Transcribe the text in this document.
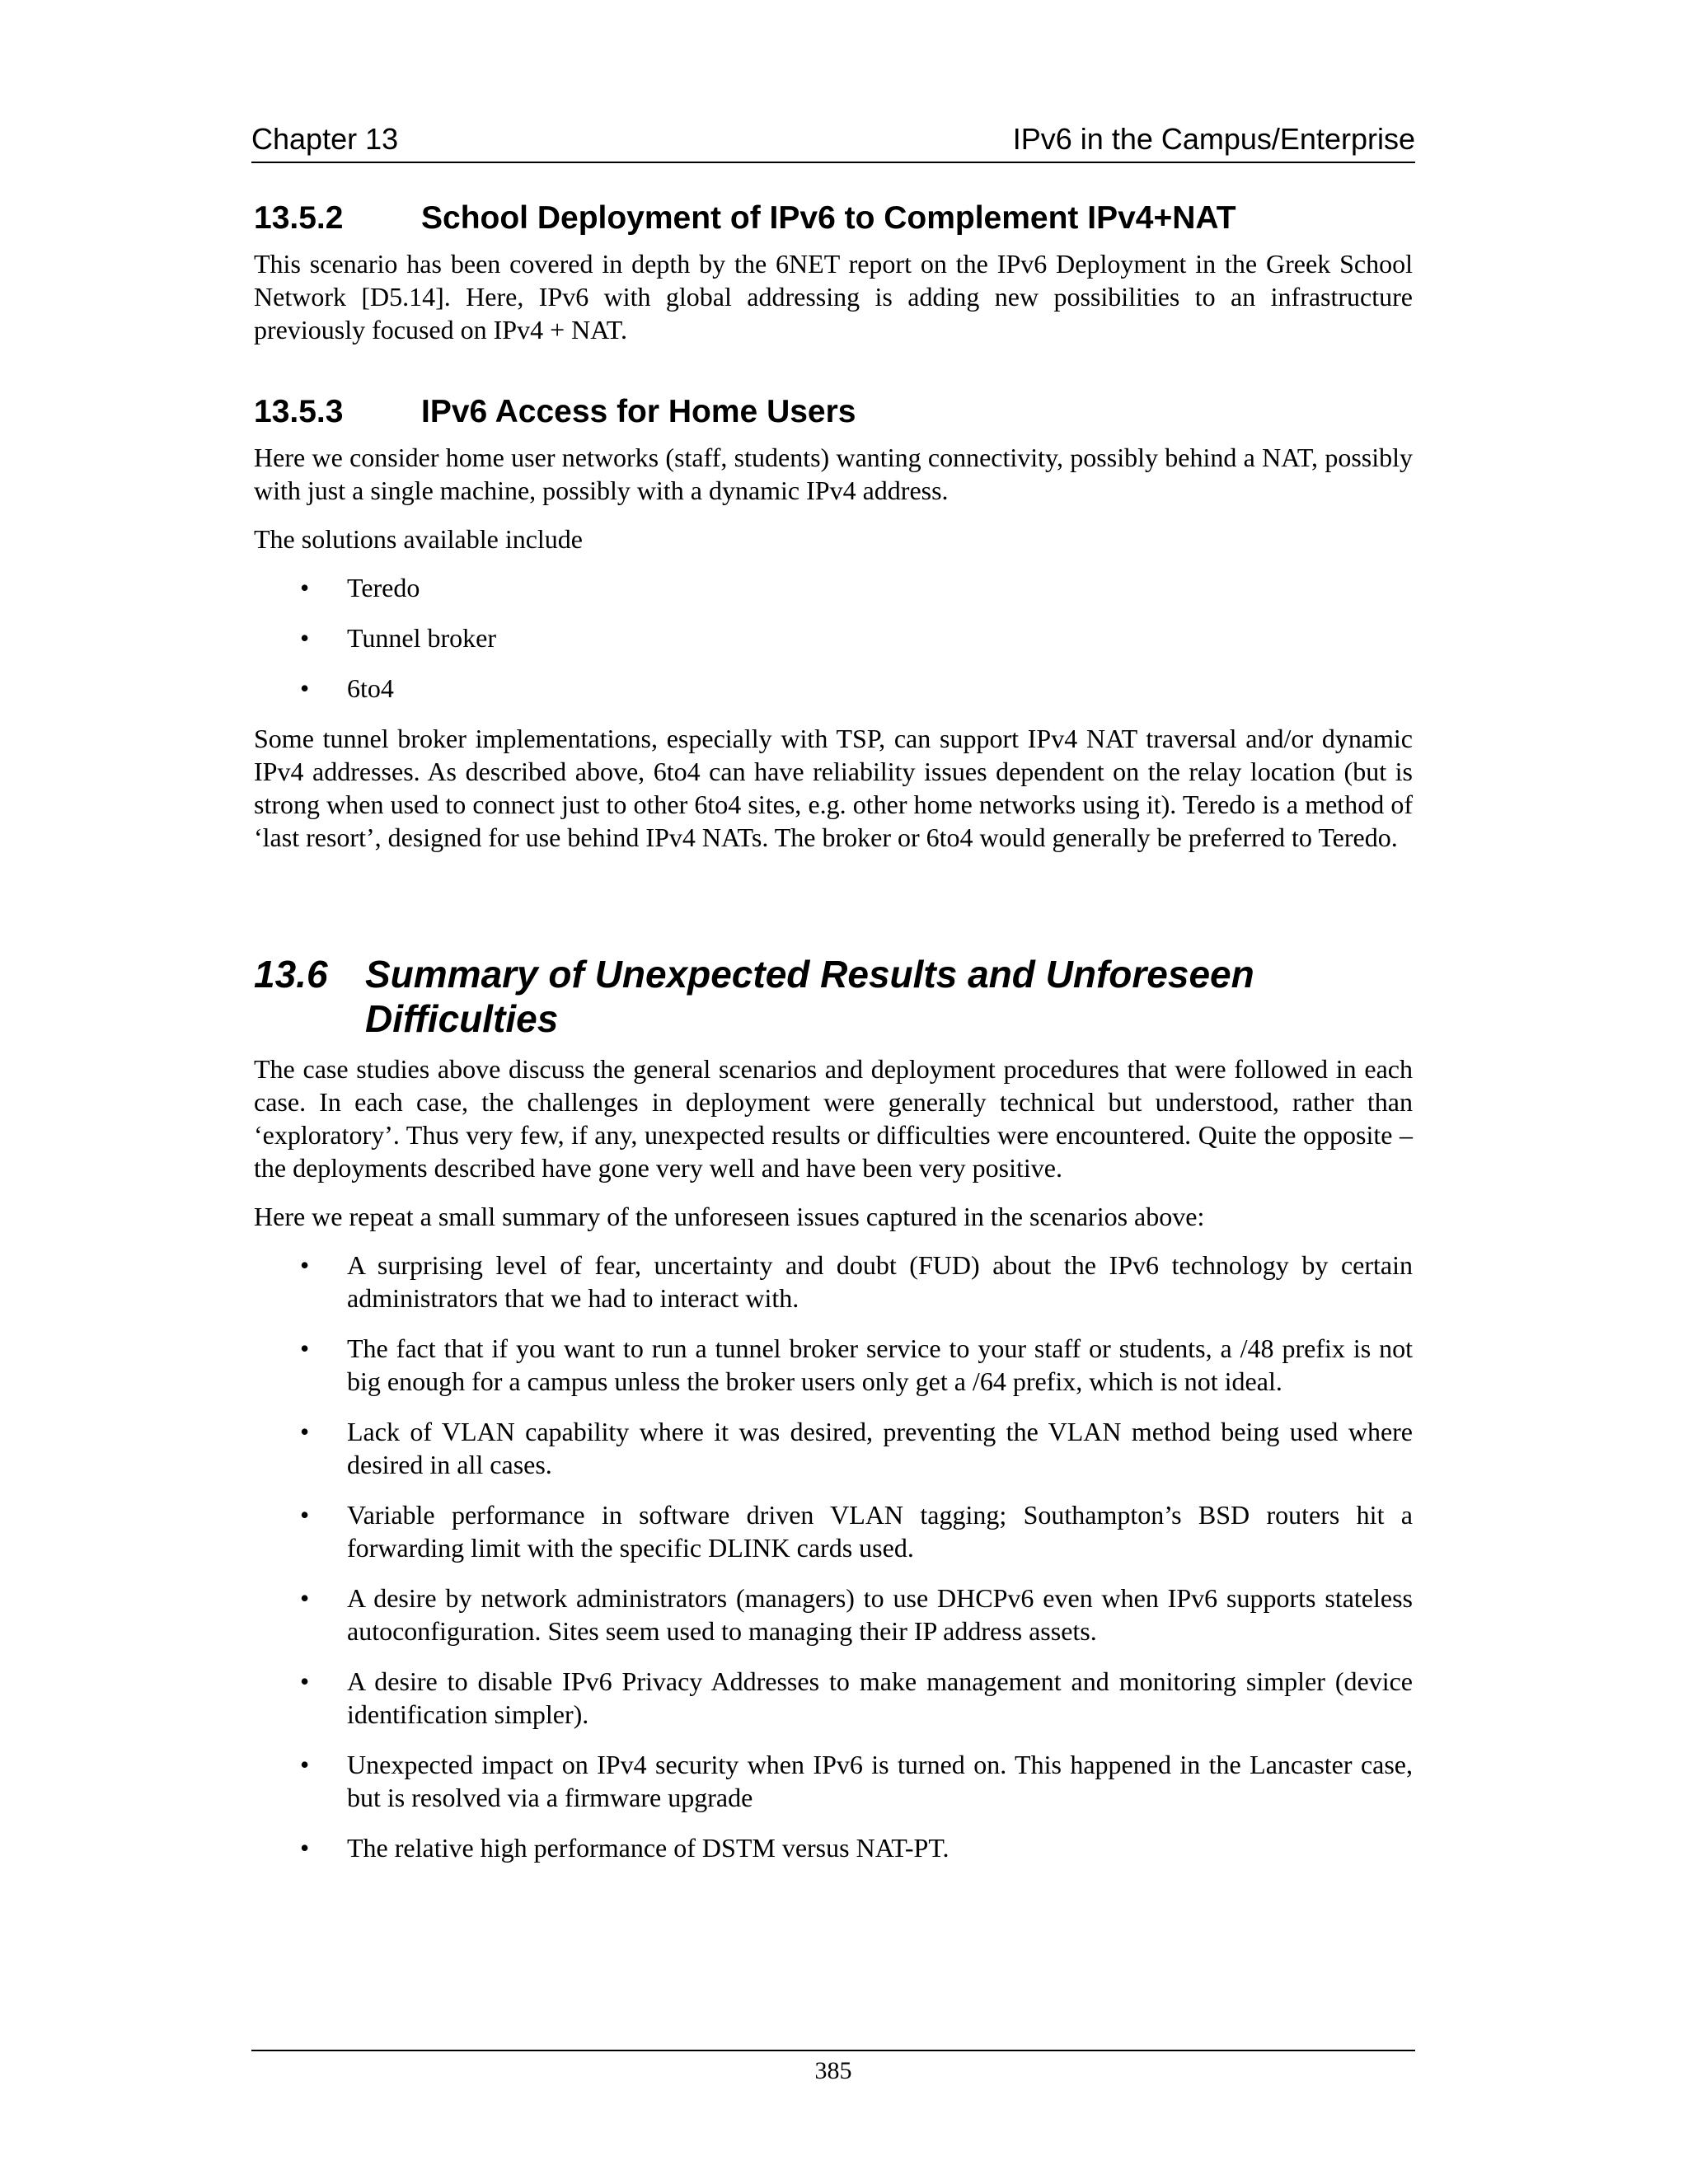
Chapter 13	IPv6 in the Campus/Enterprise
13.5.2	School Deployment of IPv6 to Complement IPv4+NAT

This scenario has been covered in depth by the 6NET report on the IPv6 Deployment in the Greek School Network [D5.14]. Here, IPv6 with global addressing is adding new possibilities to an infrastructure previously focused on IPv4 + NAT.

13.5.3	IPv6 Access for Home Users

Here we consider home user networks (staff, students) wanting connectivity, possibly behind a NAT, possibly with just a single machine, possibly with a dynamic IPv4 address.

The solutions available include

• Teredo
• Tunnel broker
• 6to4

Some tunnel broker implementations, especially with TSP, can support IPv4 NAT traversal and/or dynamic IPv4 addresses. As described above, 6to4 can have reliability issues dependent on the relay location (but is strong when used to connect just to other 6to4 sites, e.g. other home networks using it). Teredo is a method of ‘last resort’, designed for use behind IPv4 NATs. The broker or 6to4 would generally be preferred to Teredo.

13.6 Summary of Unexpected Results and Unforeseen Difficulties

The case studies above discuss the general scenarios and deployment procedures that were followed in each case. In each case, the challenges in deployment were generally technical but understood, rather than ‘exploratory’. Thus very few, if any, unexpected results or difficulties were encountered. Quite the opposite – the deployments described have gone very well and have been very positive.

Here we repeat a small summary of the unforeseen issues captured in the scenarios above:

• A surprising level of fear, uncertainty and doubt (FUD) about the IPv6 technology by certain administrators that we had to interact with.
• The fact that if you want to run a tunnel broker service to your staff or students, a /48 prefix is not big enough for a campus unless the broker users only get a /64 prefix, which is not ideal.
• Lack of VLAN capability where it was desired, preventing the VLAN method being used where desired in all cases.
• Variable performance in software driven VLAN tagging; Southampton’s BSD routers hit a forwarding limit with the specific DLINK cards used.
• A desire by network administrators (managers) to use DHCPv6 even when IPv6 supports stateless autoconfiguration. Sites seem used to managing their IP address assets.
• A desire to disable IPv6 Privacy Addresses to make management and monitoring simpler (device identification simpler).
• Unexpected impact on IPv4 security when IPv6 is turned on. This happened in the Lancaster case, but is resolved via a firmware upgrade
• The relative high performance of DSTM versus NAT-PT.
385
